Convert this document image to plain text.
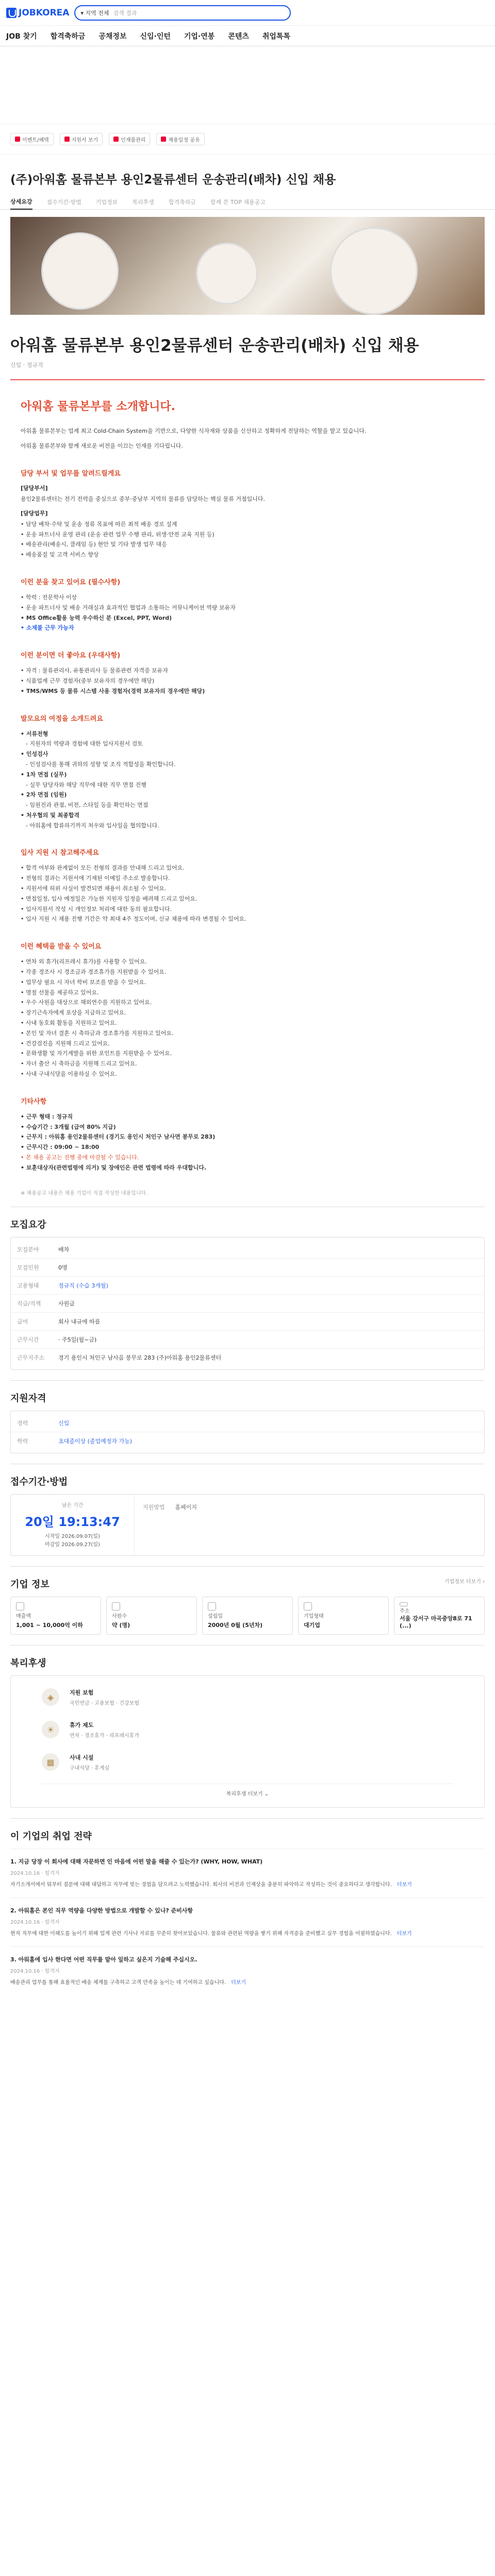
JOBKOREA ▾ 지역 전체 검색 결과
JOB 찾기 합격축하금 공채정보 신입·인턴 기업·연봉 콘텐츠 취업톡톡
이벤트/혜택	지원서 보기	인재풀관리	채용일정 공유
(주)아워홈 물류본부 용인2물류센터 운송관리(배차) 신입 채용
상세요강	접수기간·방법	기업정보	복리후생	합격축하금	함께 본 TOP 채용공고
아워홈 물류본부 용인2물류센터 운송관리(배차) 신입 채용
신입 · 정규직
아워홈 물류본부를 소개합니다.
아워홈 물류본부는 업계 최고 Cold-Chain System을 기반으로, 다양한 식자재와 상품을 신선하고 정확하게 전달하는 역할을 맡고 있습니다.
아워홈 물류본부와 함께 새로운 비전을 이끄는 인재를 기다립니다.
담당 부서 및 업무를 알려드릴게요
[담당부서]
용인2물류센터는 전기 전력을 중심으로 중부·중남부 지역의 물류를 담당하는 핵심 물류 거점입니다.
[담당업무]
• 담당 배차·수탁 및 운송 정류 목표에 따른 최적 배송 경로 설계
• 운송 파트너사 운영 관리 (운송 관련 업무 수행 관리, 위생·안전 교육 지원 등)
• 배송관리(배송시, 클레임 등) 현안 및 기타 발생 업무 대응
• 배송품질 및 고객 서비스 향상
이런 분을 찾고 있어요 (필수사항)
• 학력 : 전문학사 이상
• 운송 파트너사 및 배송 거래실과 효과적인 협업과 소통하는 커뮤니케이션 역량 보유자
• MS Office활용 능력 우수하신 분 (Excel, PPT, Word)
• 소재불 근무 가능자
이런 분이면 더 좋아요 (우대사항)
• 자격 : 물류관리사, 유통관리사 등 물류관련 자격증 보유자
• 식품업계 근무 경험자(중부 보유자의 경우에만 해당)
• TMS/WMS 등 물류 시스템 사용 경험자(경력 보유자의 경우에만 해당)
발모요의 여정을 소개드려요
• 서류전형
- 지원자의 역량과 경험에 대한 입사지원서 검토
• 인성검사
- 인성검사를 통해 귀하의 성향 및 조직 적합성을 확인합니다.
• 1차 면접 (실무)
- 실무 담당자와 해당 직무에 대한 직무 면접 진행
• 2차 면접 (임원)
- 임원진과 관점, 비전, 스타일 등을 확인하는 면접
• 처우협의 및 최종합격
- 아워홈에 합류하기까지 처우와 입사일을 협의합니다.
입사 지원 시 참고해주세요
• 합격 여부와 관계없이 모든 전형의 결과를 안내해 드리고 있어요.
• 전형의 결과는 지원서에 기재된 이메일 주소로 발송합니다.
• 지원서에 허위 사실이 발견되면 채용이 취소될 수 있어요.
• 면접일정, 입사 예정일은 가능한 지원자 일정을 배려해 드리고 있어요.
• 입사지원서 작성 시 개인정보 처리에 대한 동의 필요합니다.
• 입사 지원 시 채용 진행 기간은 약 최대 4주 정도이며, 신규 채용에 따라 변경될 수 있어요.
이런 혜택을 받을 수 있어요
• 연차 외 휴가(리프레시 휴가)를 사용할 수 있어요.
• 각종 경조사 시 경조금과 경조휴가를 지원받을 수 있어요.
• 업무상 필요 시 자녀 학비 보조를 받을 수 있어요.
• 명절 선물을 제공하고 있어요.
• 우수 사원을 대상으로 해외연수를 지원하고 있어요.
• 장기근속자에게 포상을 지급하고 있어요.
• 사내 동호회 활동을 지원하고 있어요.
• 본인 및 자녀 결혼 시 축하금과 경조휴가를 지원하고 있어요.
• 건강검진을 지원해 드리고 있어요.
• 문화생활 및 자기계발을 위한 포인트를 지원받을 수 있어요.
• 자녀 출산 시 축하금을 지원해 드리고 있어요.
• 사내 구내식당을 이용하실 수 있어요.
기타사항
• 근무 형태 : 정규직
• 수습기간 : 3개월 (급여 80% 지급)
• 근무지 : 아워홈 용인2물류센터 (경기도 용인시 처인구 남사면 봉무로 283)
• 근무시간 : 09:00 ~ 18:00
• 본 채용 공고는 진행 중에 마감될 수 있습니다.
• 보훈대상자(관련법령에 의거) 및 장애인은 관련 법령에 따라 우대합니다.
※ 채용공고 내용은 채용 기업이 직접 작성한 내용입니다.
모집요강
모집분야	배차
모집인원	0명
고용형태	정규직 (수습 3개월)
직급/직책	사원급
급여	회사 내규에 따름
근무시간	· 주5일(월~금)
근무지주소	경기 용인시 처인구 남사읍 봉무로 283 (주)아워홈 용인2물류센터
지원자격
경력	신입
학력	초대졸이상 (졸업예정자 가능)
접수기간·방법
남은 기간
20일 19:13:47
시작일 2026.09.07(일)
마감일 2026.09.27(일)
지원방법 홈페이지
기업 정보	기업정보 더보기 ›
매출액
1,001 ~ 10,000억 이하
사원수
약 (명)
설립일
2000년 0월 (5년차)
기업형태
대기업
주소
서울 강서구 마곡중앙8로 71 (...)
복리후생
◈	지원 보험
국민연금 · 고용보험 · 건강보험
☀	휴가 제도
연차 · 경조휴가 · 리프레시휴가
▦	사내 시설
구내식당 · 휴게실
복리후생 더보기 ⌄
이 기업의 취업 전략
1. 지금 당장 이 회사에 대해 자문하면 인 마음에 어떤 말을 해줄 수 있는가? (WHY, HOW, WHAT)
2024.10.16 · 합격자
자기소개서에서 뭐부터 질문에 대해 대답하고 직무에 맞는 경험을 담으려고 노력했습니다. 회사의 비전과 인재상을 충분히 파악하고 작성하는 것이 중요하다고 생각합니다. 더보기
2. 아워홈은 본인 직무 역량을 다양한 방법으로 개발할 수 있나? 준비사항
2024.10.16 · 합격자
현직 직무에 대한 이해도를 높이기 위해 업계 관련 기사나 자료를 꾸준히 찾아보았습니다. 물류와 관련된 역량을 쌓기 위해 자격증을 준비했고 실무 경험을 어필하였습니다. 더보기
3. 아워홈에 입사 한다면 어떤 직무를 맡아 일하고 싶은지 기술해 주십시오.
2024.10.16 · 합격자
배송관리 업무를 통해 효율적인 배송 체계를 구축하고 고객 만족을 높이는 데 기여하고 싶습니다. 더보기
